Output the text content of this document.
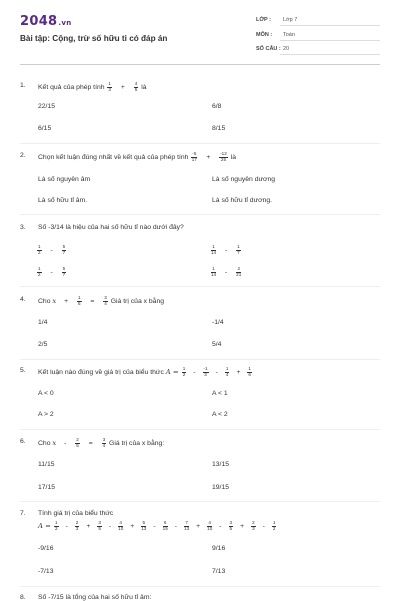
2048.vn
Bài tập: Cộng, trừ số hữu tỉ có đáp án
LỚP : Lớp 7
MÔN : Toán
SỐ CÂU : 20
1.	Kết quả của phép tính $\frac{1}{3} + \frac{4}{5}$ là
22/15	6/8
6/15	8/15
2.	Chọn kết luận đúng nhất về kết quả của phép tính $\frac{-5}{17} + \frac{-12}{25}$ là
Là số nguyên âm	Là số nguyên dương
Là số hữu tỉ âm.	Là số hữu tỉ dương.
3.	Số -3/14 là hiệu của hai số hữu tỉ nào dưới đây?
$\frac{1}{2} - \frac{5}{7}$	$\frac{1}{14} - \frac{1}{7}$
$\frac{1}{2} - \frac{5}{7}$	$\frac{1}{14} - \frac{2}{21}$
4.	Cho $x + \frac{1}{5} = \frac{3}{4}$ Giá trị của x bằng
1/4	-1/4
2/5	5/4
5.	Kết luận nào đúng về giá trị của biểu thức $A = \frac{1}{2} - \frac{-1}{3} - \frac{1}{4} + \frac{1}{6}$
A < 0	A < 1
A > 2	A < 2
6.	Cho $x - \frac{2}{5} = \frac{3}{4}$ Giá trị của x bằng:
11/15	13/15
17/15	19/15
7.	Tính giá trị của biểu thức
$A = \frac{1}{2} - \frac{2}{3} + \frac{3}{5} - \frac{4}{10} + \frac{5}{13} - \frac{6}{15} - \frac{7}{13} + \frac{4}{10} - \frac{3}{5} + \frac{2}{3} - \frac{1}{2}$
-9/16	9/16
-7/13	7/13
8.	Số -7/15 là tổng của hai số hữu tỉ âm:
